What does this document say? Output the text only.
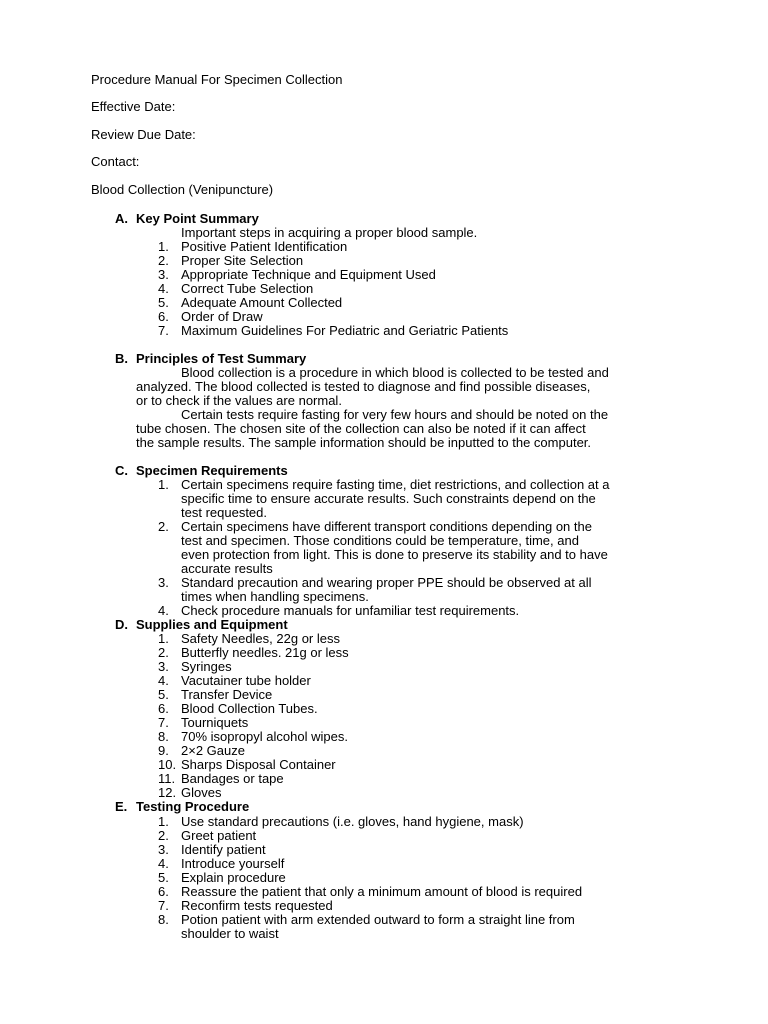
Procedure Manual For Specimen Collection
Effective Date:
Review Due Date:
Contact:
Blood Collection (Venipuncture)
A. Key Point Summary
Important steps in acquiring a proper blood sample.
1. Positive Patient Identification
2. Proper Site Selection
3. Appropriate Technique and Equipment Used
4. Correct Tube Selection
5. Adequate Amount Collected
6. Order of Draw
7. Maximum Guidelines For Pediatric and Geriatric Patients
B. Principles of Test Summary
Blood collection is a procedure in which blood is collected to be tested and
analyzed. The blood collected is tested to diagnose and find possible diseases,
or to check if the values are normal.
Certain tests require fasting for very few hours and should be noted on the
tube chosen. The chosen site of the collection can also be noted if it can affect
the sample results. The sample information should be inputted to the computer.
C. Specimen Requirements
1. Certain specimens require fasting time, diet restrictions, and collection at a
specific time to ensure accurate results. Such constraints depend on the
test requested.
2. Certain specimens have different transport conditions depending on the
test and specimen. Those conditions could be temperature, time, and
even protection from light. This is done to preserve its stability and to have
accurate results
3. Standard precaution and wearing proper PPE should be observed at all
times when handling specimens.
4. Check procedure manuals for unfamiliar test requirements.
D. Supplies and Equipment
1. Safety Needles, 22g or less
2. Butterfly needles. 21g or less
3. Syringes
4. Vacutainer tube holder
5. Transfer Device
6. Blood Collection Tubes.
7. Tourniquets
8. 70% isopropyl alcohol wipes.
9. 2×2 Gauze
10. Sharps Disposal Container
11. Bandages or tape
12. Gloves
E. Testing Procedure
1. Use standard precautions (i.e. gloves, hand hygiene, mask)
2. Greet patient
3. Identify patient
4. Introduce yourself
5. Explain procedure
6. Reassure the patient that only a minimum amount of blood is required
7. Reconfirm tests requested
8. Potion patient with arm extended outward to form a straight line from
shoulder to waist
